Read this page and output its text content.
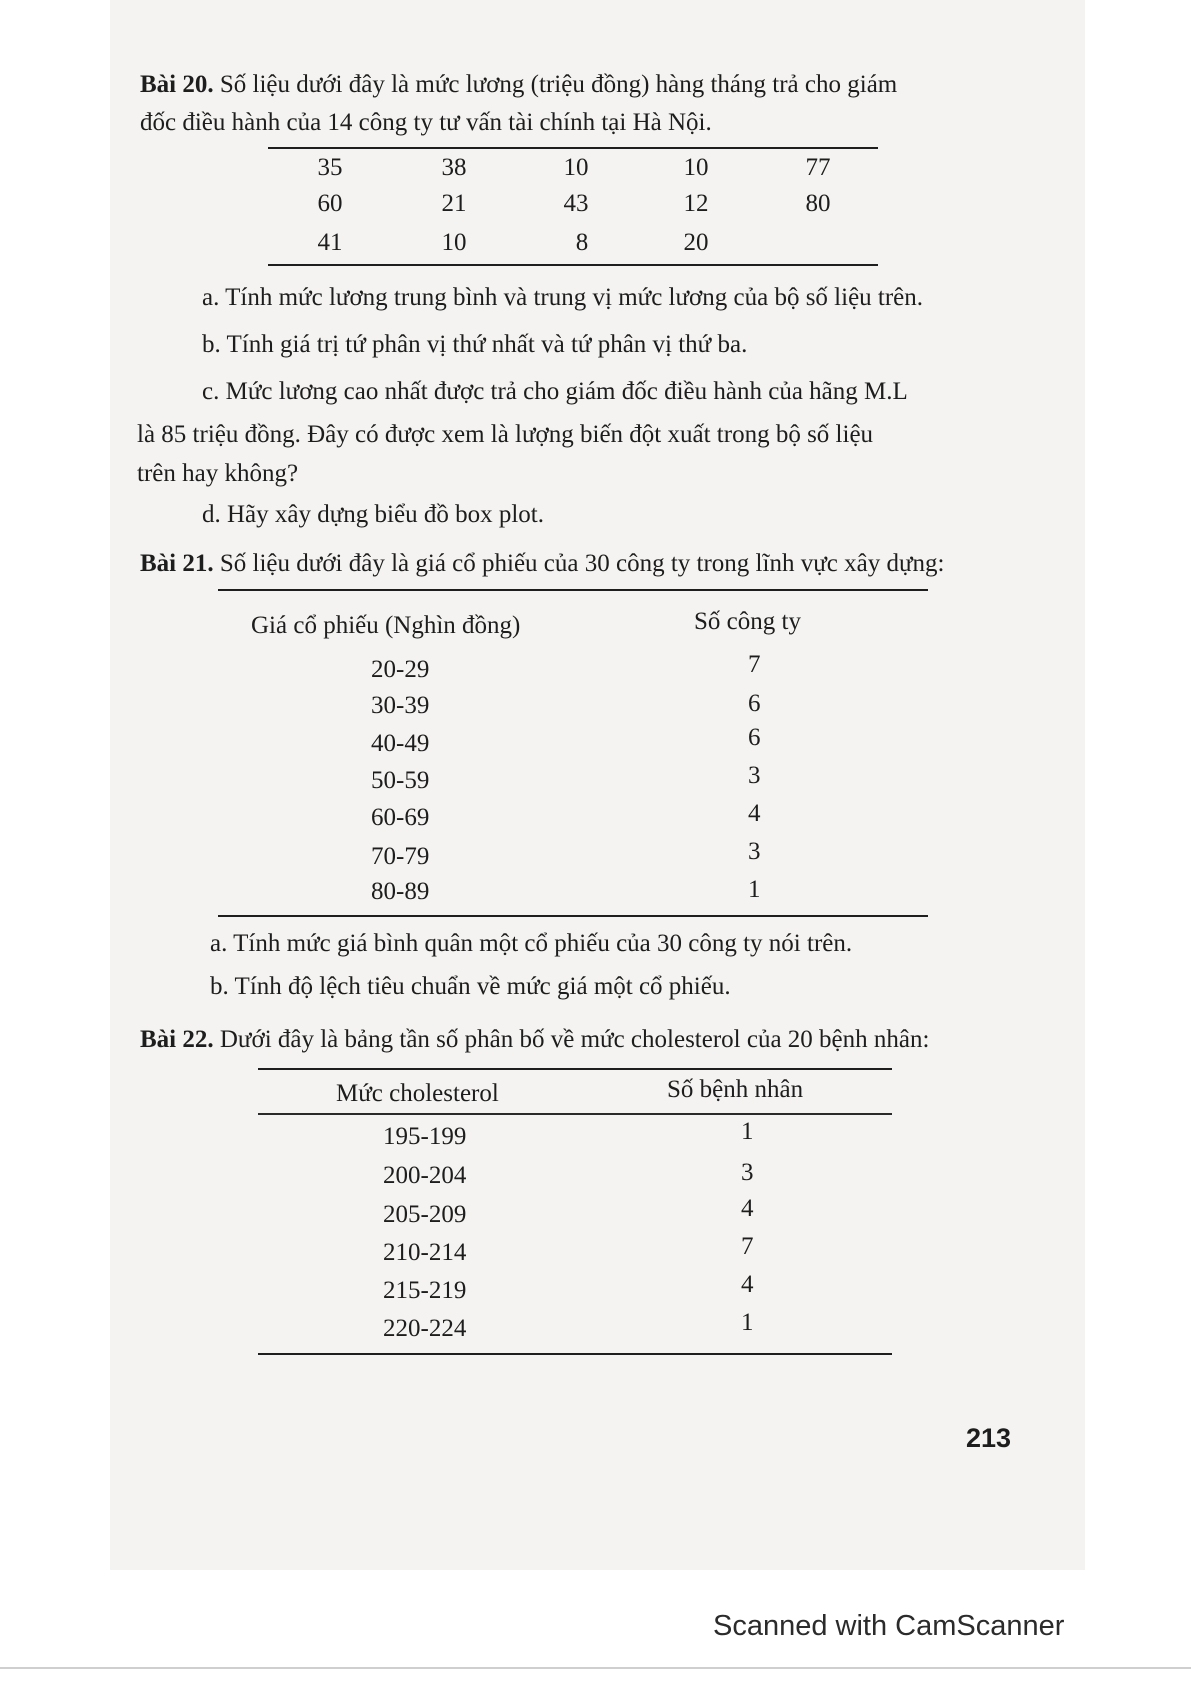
Bài 20. Số liệu dưới đây là mức lương (triệu đồng) hàng tháng trả cho giám
đốc điều hành của 14 công ty tư vấn tài chính tại Hà Nội.
35	38	10	10	77
60	21	43	12	80
41	10	8	20
a. Tính mức lương trung bình và trung vị mức lương của bộ số liệu trên.
b. Tính giá trị tứ phân vị thứ nhất và tứ phân vị thứ ba.
c. Mức lương cao nhất được trả cho giám đốc điều hành của hãng M.L
là 85 triệu đồng. Đây có được xem là lượng biến đột xuất trong bộ số liệu
trên hay không?
d. Hãy xây dựng biểu đồ box plot.
Bài 21. Số liệu dưới đây là giá cổ phiếu của 30 công ty trong lĩnh vực xây dựng:
Giá cổ phiếu (Nghìn đồng)	Số công ty
20-29	7
30-39	6
40-49	6
50-59	3
60-69	4
70-79	3
80-89	1
a. Tính mức giá bình quân một cổ phiếu của 30 công ty nói trên.
b. Tính độ lệch tiêu chuẩn về mức giá một cổ phiếu.
Bài 22. Dưới đây là bảng tần số phân bố về mức cholesterol của 20 bệnh nhân:
Mức cholesterol	Số bệnh nhân
195-199	1
200-204	3
205-209	4
210-214	7
215-219	4
220-224	1
213
Scanned with CamScanner
